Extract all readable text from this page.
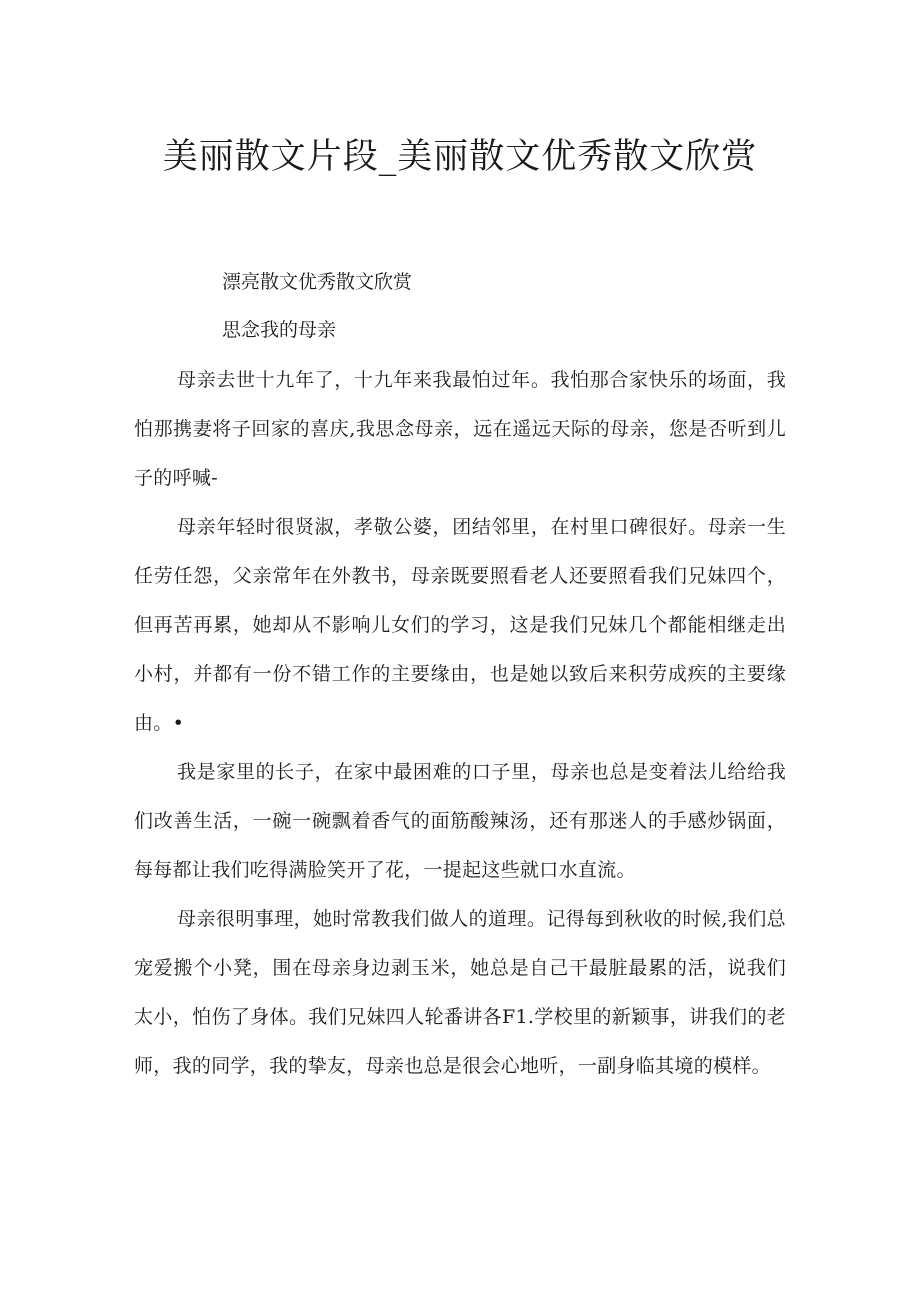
美丽散文片段_美丽散文优秀散文欣赏

漂亮散文优秀散文欣赏

思念我的母亲

母亲去世十九年了，十九年来我最怕过年。我怕那合家快乐的场面，我怕那携妻将子回家的喜庆,我思念母亲，远在遥远天际的母亲，您是否听到儿子的呼喊-

母亲年轻时很贤淑，孝敬公婆，团结邻里，在村里口碑很好。母亲一生任劳任怨，父亲常年在外教书，母亲既要照看老人还要照看我们兄妹四个，但再苦再累，她却从不影响儿女们的学习，这是我们兄妹几个都能相继走出小村，并都有一份不错工作的主要缘由，也是她以致后来积劳成疾的主要缘由。•

我是家里的长子，在家中最困难的口子里，母亲也总是变着法儿给给我们改善生活，一碗一碗飘着香气的面筋酸辣汤，还有那迷人的手感炒锅面，每每都让我们吃得满脸笑开了花，一提起这些就口水直流。

母亲很明事理，她时常教我们做人的道理。记得每到秋收的时候,我们总宠爱搬个小凳，围在母亲身边剥玉米，她总是自己干最脏最累的活，说我们太小，怕伤了身体。我们兄妹四人轮番讲各F1.学校里的新颖事，讲我们的老师，我的同学，我的挚友，母亲也总是很会心地听，一副身临其境的模样。
